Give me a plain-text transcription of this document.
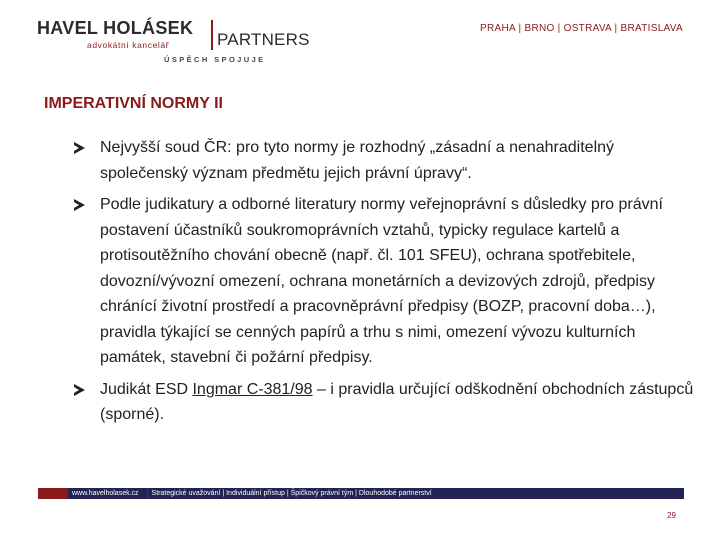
HAVEL HOLÁSEK
advokátní kancelář	PARTNERS
ÚSPĚCH SPOJUJE
PRAHA | BRNO | OSTRAVA | BRATISLAVA
IMPERATIVNÍ NORMY II
Nejvyšší soud ČR: pro tyto normy je rozhodný „zásadní a nenahraditelný společenský význam předmětu jejich právní úpravy“.
Podle judikatury a odborné literatury normy veřejnoprávní s důsledky pro právní postavení účastníků soukromoprávních vztahů, typicky regulace kartelů a protisoutěžního chování obecně (např. čl. 101 SFEU), ochrana spotřebitele, dovozní/vývozní omezení, ochrana monetárních a devizových zdrojů, předpisy chránící životní prostředí a pracovněprávní předpisy (BOZP, pracovní doba…), pravidla týkající se cenných papírů a trhu s nimi, omezení vývozu kulturních památek, stavební či požární předpisy.
Judikát ESD Ingmar C-381/98 – i pravidla určující odškodnění obchodních zástupců (sporné).
www.havelholasek.cz	Strategické uvažování | Individuální přístup | Špičkový právní tým | Dlouhodobé partnerství
29
